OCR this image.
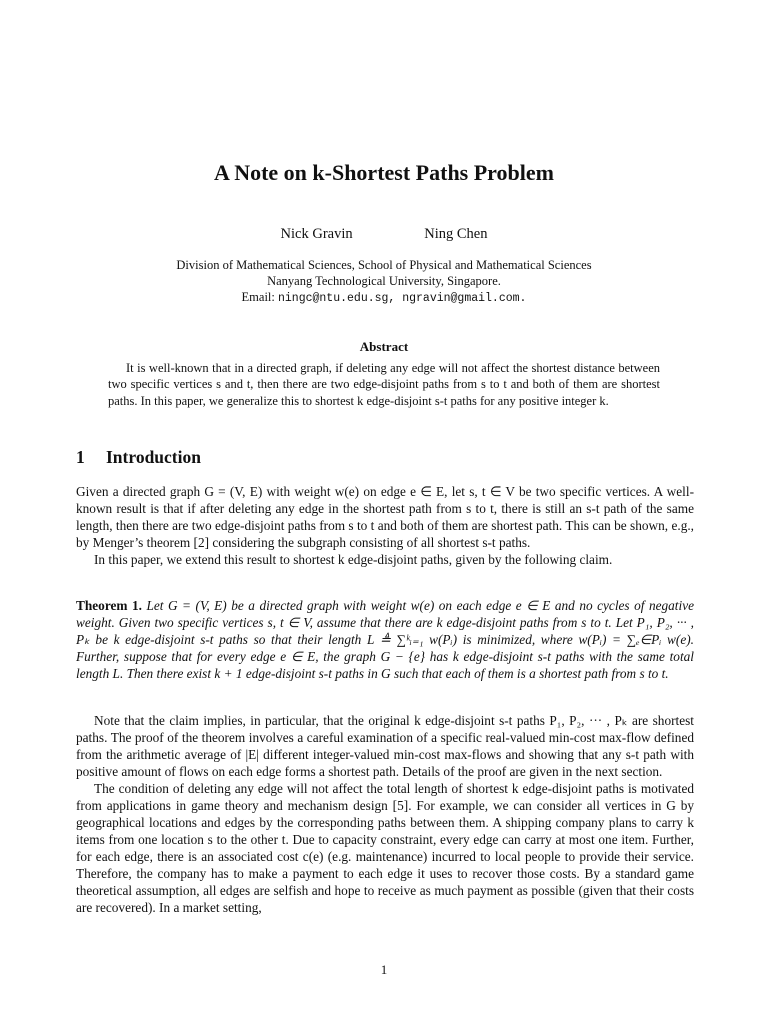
A Note on k-Shortest Paths Problem
Nick Gravin	Ning Chen
Division of Mathematical Sciences, School of Physical and Mathematical Sciences
Nanyang Technological University, Singapore.
Email: ningc@ntu.edu.sg, ngravin@gmail.com.
Abstract
It is well-known that in a directed graph, if deleting any edge will not affect the shortest distance between two specific vertices s and t, then there are two edge-disjoint paths from s to t and both of them are shortest paths. In this paper, we generalize this to shortest k edge-disjoint s-t paths for any positive integer k.
1 Introduction

Given a directed graph G = (V, E) with weight w(e) on edge e ∈ E, let s, t ∈ V be two specific vertices. A well-known result is that if after deleting any edge in the shortest path from s to t, there is still an s-t path of the same length, then there are two edge-disjoint paths from s to t and both of them are shortest path. This can be shown, e.g., by Menger’s theorem [2] considering the subgraph consisting of all shortest s-t paths.

In this paper, we extend this result to shortest k edge-disjoint paths, given by the following claim.

Theorem 1. Let G = (V, E) be a directed graph with weight w(e) on each edge e ∈ E and no cycles of negative weight. Given two specific vertices s, t ∈ V, assume that there are k edge-disjoint paths from s to t. Let P₁, P₂, ··· , Pₖ be k edge-disjoint s-t paths so that their length L ≜ ∑ᵏᵢ₌₁ w(Pᵢ) is minimized, where w(Pᵢ) = ∑ₑ∈Pᵢ w(e). Further, suppose that for every edge e ∈ E, the graph G − {e} has k edge-disjoint s-t paths with the same total length L. Then there exist k + 1 edge-disjoint s-t paths in G such that each of them is a shortest path from s to t.

Note that the claim implies, in particular, that the original k edge-disjoint s-t paths P₁, P₂, ··· , Pₖ are shortest paths. The proof of the theorem involves a careful examination of a specific real-valued min-cost max-flow defined from the arithmetic average of |E| different integer-valued min-cost max-flows and showing that any s-t path with positive amount of flows on each edge forms a shortest path. Details of the proof are given in the next section.

The condition of deleting any edge will not affect the total length of shortest k edge-disjoint paths is motivated from applications in game theory and mechanism design [5]. For example, we can consider all vertices in G by geographical locations and edges by the corresponding paths between them. A shipping company plans to carry k items from one location s to the other t. Due to capacity constraint, every edge can carry at most one item. Further, for each edge, there is an associated cost c(e) (e.g. maintenance) incurred to local people to provide their service. Therefore, the company has to make a payment to each edge it uses to recover those costs. By a standard game theoretical assumption, all edges are selfish and hope to receive as much payment as possible (given that their costs are recovered). In a market setting,

1
